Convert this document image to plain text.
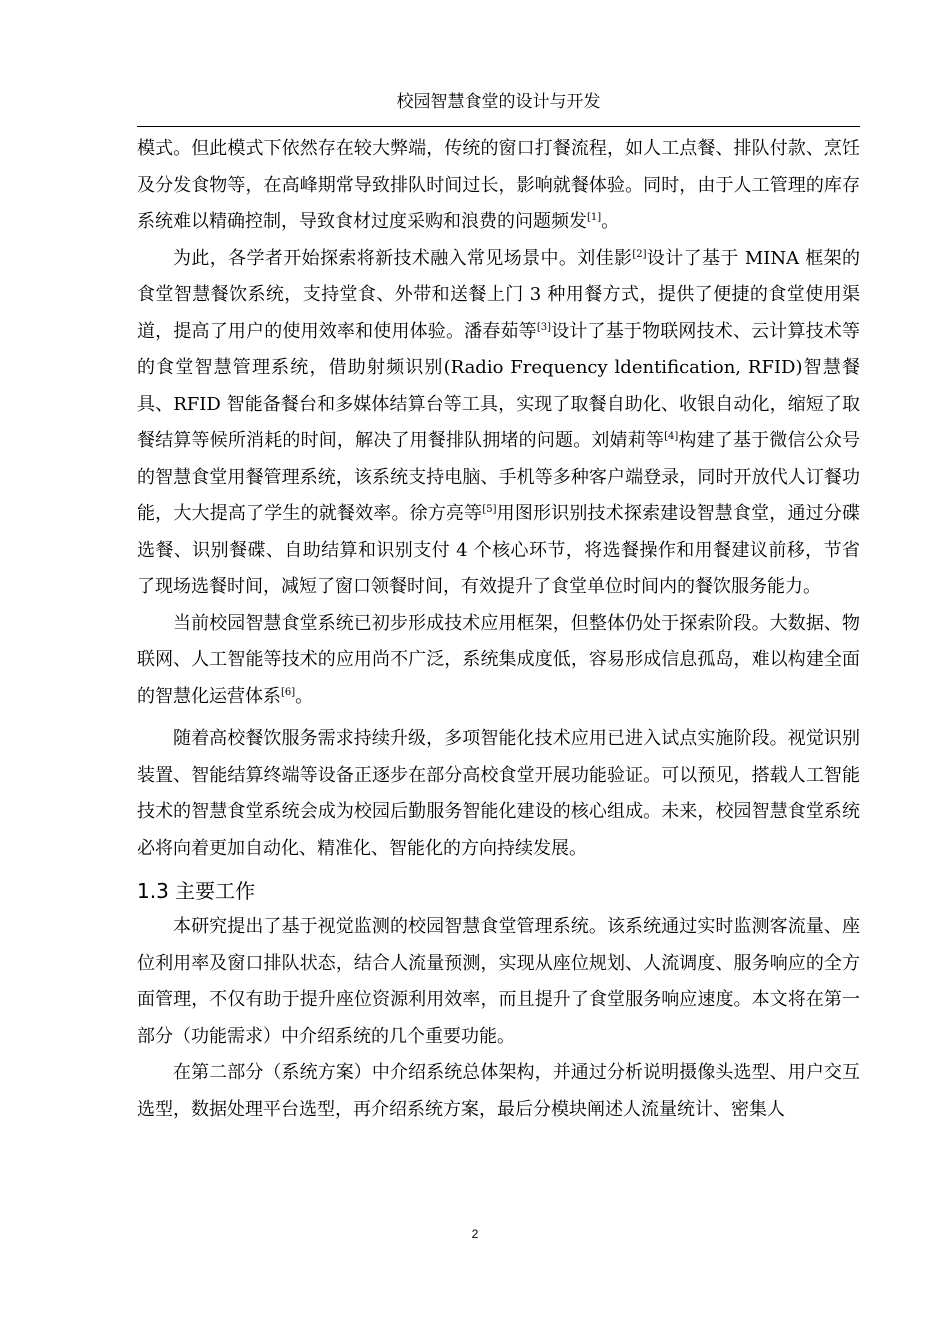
校园智慧食堂的设计与开发

模式。但此模式下依然存在较大弊端，传统的窗口打餐流程，如人工点餐、排队付款、烹饪及分发食物等，在高峰期常导致排队时间过长，影响就餐体验。同时，由于人工管理的库存系统难以精确控制，导致食材过度采购和浪费的问题频发[1]。

为此，各学者开始探索将新技术融入常见场景中。刘佳影[2]设计了基于 MINA 框架的食堂智慧餐饮系统，支持堂食、外带和送餐上门 3 种用餐方式，提供了便捷的食堂使用渠道，提高了用户的使用效率和使用体验。潘春茹等[3]设计了基于物联网技术、云计算技术等的食堂智慧管理系统，借助射频识别(Radio Frequency ldentification, RFID)智慧餐具、RFID 智能备餐台和多媒体结算台等工具，实现了取餐自助化、收银自动化，缩短了取餐结算等候所消耗的时间，解决了用餐排队拥堵的问题。刘婧莉等[4]构建了基于微信公众号的智慧食堂用餐管理系统，该系统支持电脑、手机等多种客户端登录，同时开放代人订餐功能，大大提高了学生的就餐效率。徐方亮等[5]用图形识别技术探索建设智慧食堂，通过分碟选餐、识别餐碟、自助结算和识别支付 4 个核心环节，将选餐操作和用餐建议前移，节省了现场选餐时间，减短了窗口领餐时间，有效提升了食堂单位时间内的餐饮服务能力。

当前校园智慧食堂系统已初步形成技术应用框架，但整体仍处于探索阶段。大数据、物联网、人工智能等技术的应用尚不广泛，系统集成度低，容易形成信息孤岛，难以构建全面的智慧化运营体系[6]。

随着高校餐饮服务需求持续升级，多项智能化技术应用已进入试点实施阶段。视觉识别装置、智能结算终端等设备正逐步在部分高校食堂开展功能验证。可以预见，搭载人工智能技术的智慧食堂系统会成为校园后勤服务智能化建设的核心组成。未来，校园智慧食堂系统必将向着更加自动化、精准化、智能化的方向持续发展。

1.3 主要工作

本研究提出了基于视觉监测的校园智慧食堂管理系统。该系统通过实时监测客流量、座位利用率及窗口排队状态，结合人流量预测，实现从座位规划、人流调度、服务响应的全方面管理，不仅有助于提升座位资源利用效率，而且提升了食堂服务响应速度。本文将在第一部分（功能需求）中介绍系统的几个重要功能。

在第二部分（系统方案）中介绍系统总体架构，并通过分析说明摄像头选型、用户交互选型，数据处理平台选型，再介绍系统方案，最后分模块阐述人流量统计、密集人

2
